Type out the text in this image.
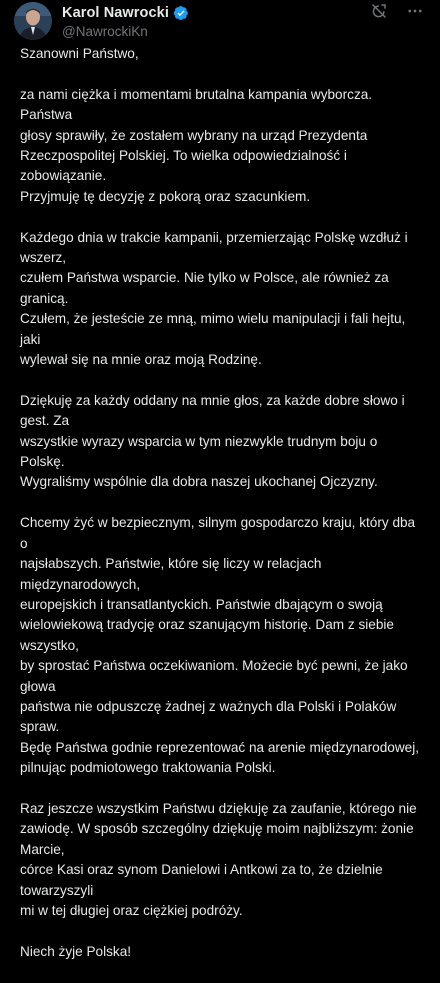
Karol Nawrocki
@NawrockiKn

Szanowni Państwo,

za nami ciężka i momentami brutalna kampania wyborcza. Państwa
głosy sprawiły, że zostałem wybrany na urząd Prezydenta
Rzeczpospolitej Polskiej. To wielka odpowiedzialność i zobowiązanie.
Przyjmuję tę decyzję z pokorą oraz szacunkiem.

Każdego dnia w trakcie kampanii, przemierzając Polskę wzdłuż i wszerz,
czułem Państwa wsparcie. Nie tylko w Polsce, ale również za granicą.
Czułem, że jesteście ze mną, mimo wielu manipulacji i fali hejtu, jaki
wylewał się na mnie oraz moją Rodzinę.

Dziękuję za każdy oddany na mnie głos, za każde dobre słowo i gest. Za
wszystkie wyrazy wsparcia w tym niezwykle trudnym boju o Polskę.
Wygraliśmy wspólnie dla dobra naszej ukochanej Ojczyzny.

Chcemy żyć w bezpiecznym, silnym gospodarczo kraju, który dba o
najsłabszych. Państwie, które się liczy w relacjach międzynarodowych,
europejskich i transatlantyckich. Państwie dbającym o swoją
wielowiekową tradycję oraz szanującym historię. Dam z siebie wszystko,
by sprostać Państwa oczekiwaniom. Możecie być pewni, że jako głowa
państwa nie odpuszczę żadnej z ważnych dla Polski i Polaków spraw.
Będę Państwa godnie reprezentować na arenie międzynarodowej,
pilnując podmiotowego traktowania Polski.

Raz jeszcze wszystkim Państwu dziękuję za zaufanie, którego nie
zawiodę. W sposób szczególny dziękuję moim najbliższym: żonie Marcie,
córce Kasi oraz synom Danielowi i Antkowi za to, że dzielnie towarzyszyli
mi w tej długiej oraz ciężkiej podróży.

Niech żyje Polska!
